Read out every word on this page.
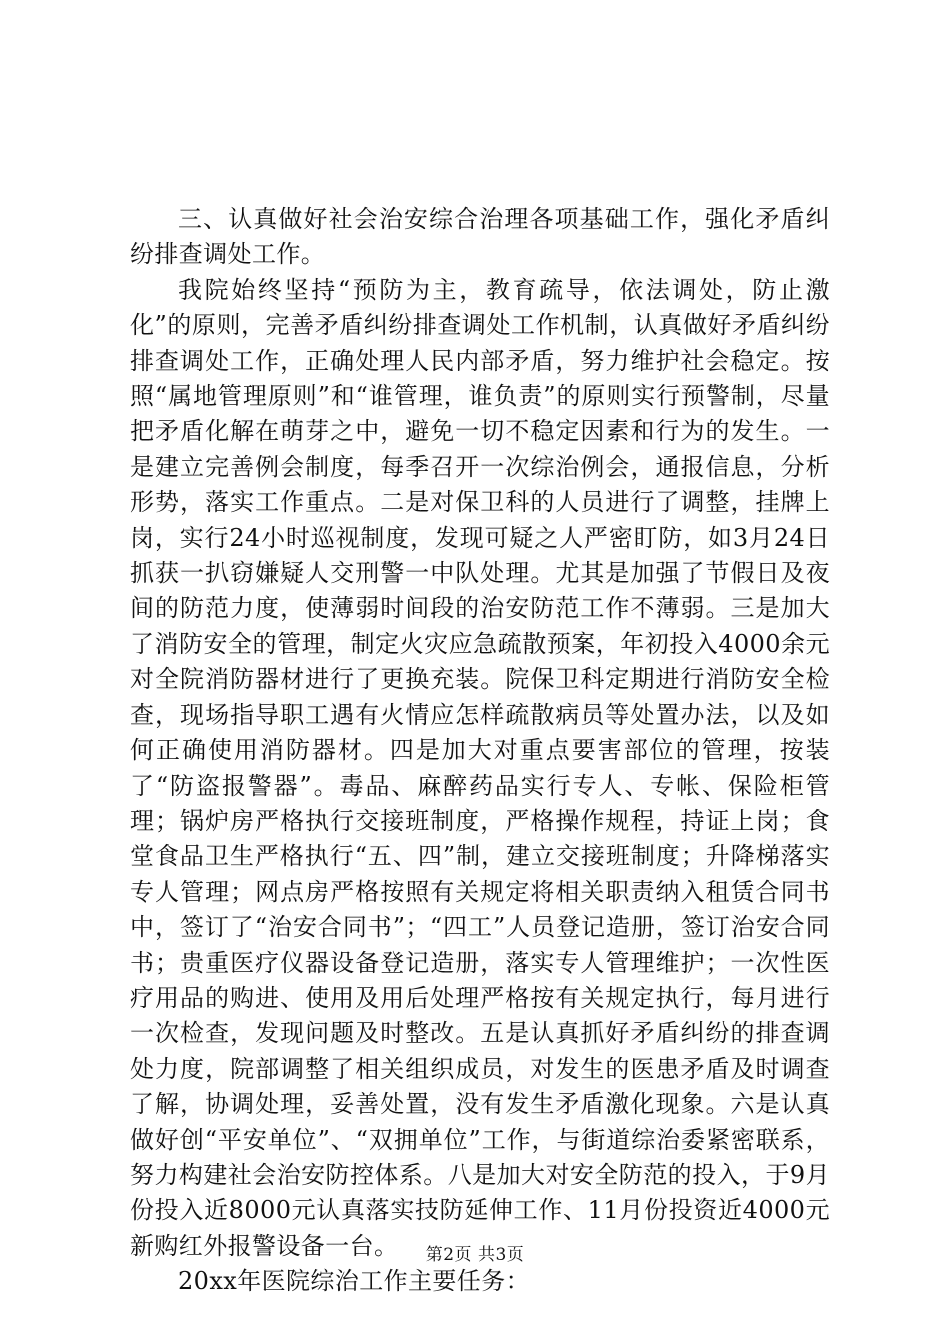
三、认真做好社会治安综合治理各项基础工作，强化矛盾纠纷排查调处工作。

我院始终坚持“预防为主，教育疏导，依法调处，防止激化”的原则，完善矛盾纠纷排查调处工作机制，认真做好矛盾纠纷排查调处工作，正确处理人民内部矛盾，努力维护社会稳定。按照“属地管理原则”和“谁管理，谁负责”的原则实行预警制，尽量把矛盾化解在萌芽之中，避免一切不稳定因素和行为的发生。一是建立完善例会制度，每季召开一次综治例会，通报信息，分析形势，落实工作重点。二是对保卫科的人员进行了调整，挂牌上岗，实行24小时巡视制度，发现可疑之人严密盯防，如3月24日抓获一扒窃嫌疑人交刑警一中队处理。尤其是加强了节假日及夜间的防范力度，使薄弱时间段的治安防范工作不薄弱。三是加大了消防安全的管理，制定火灾应急疏散预案，年初投入4000余元对全院消防器材进行了更换充装。院保卫科定期进行消防安全检查，现场指导职工遇有火情应怎样疏散病员等处置办法，以及如何正确使用消防器材。四是加大对重点要害部位的管理，按装了“防盗报警器”。毒品、麻醉药品实行专人、专帐、保险柜管理；锅炉房严格执行交接班制度，严格操作规程，持证上岗；食堂食品卫生严格执行“五、四”制，建立交接班制度；升降梯落实专人管理；网点房严格按照有关规定将相关职责纳入租赁合同书中，签订了“治安合同书”；“四工”人员登记造册，签订治安合同书；贵重医疗仪器设备登记造册，落实专人管理维护；一次性医疗用品的购进、使用及用后处理严格按有关规定执行，每月进行一次检查，发现问题及时整改。五是认真抓好矛盾纠纷的排查调处力度，院部调整了相关组织成员，对发生的医患矛盾及时调查了解，协调处理，妥善处置，没有发生矛盾激化现象。六是认真做好创“平安单位”、“双拥单位”工作，与街道综治委紧密联系，努力构建社会治安防控体系。八是加大对安全防范的投入，于9月份投入近8000元认真落实技防延伸工作、11月份投资近4000元新购红外报警设备一台。

20xx年医院综治工作主要任务：

第2页 共3页
